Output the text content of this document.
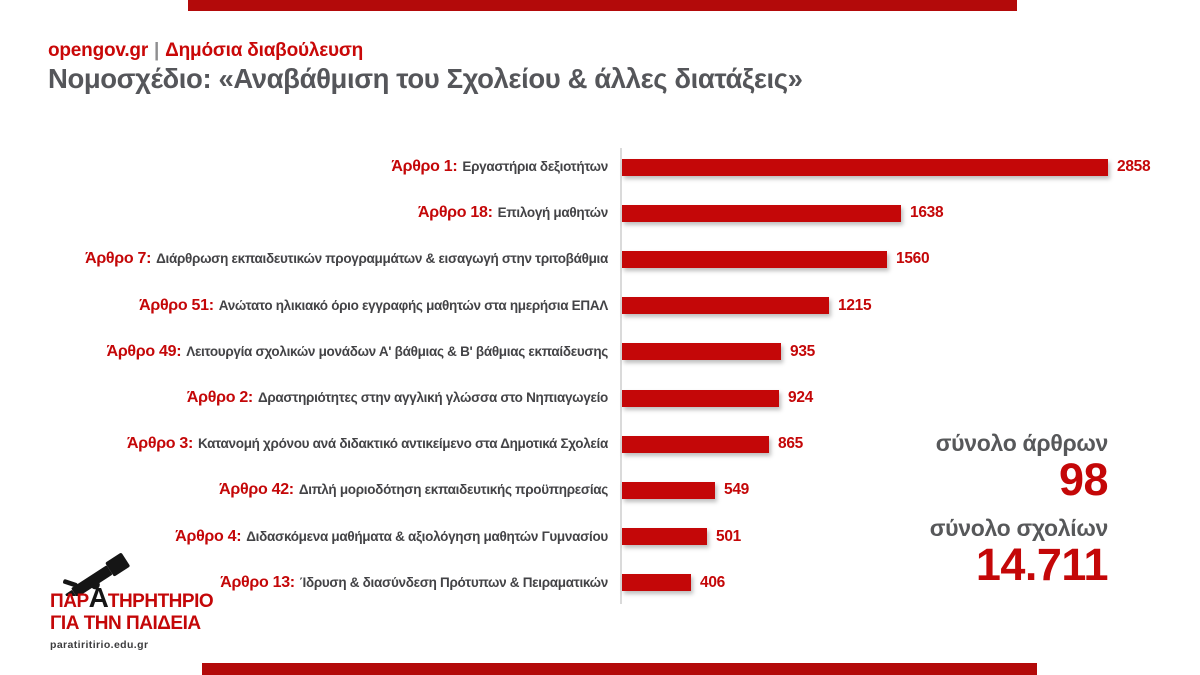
opengov.gr | Δημόσια διαβούλευση
Νομοσχέδιο: «Αναβάθμιση του Σχολείου & άλλες διατάξεις»
Άρθρο 1: Εργαστήρια δεξιοτήτων	2858
Άρθρο 18: Επιλογή μαθητών	1638
Άρθρο 7: Διάρθρωση εκπαιδευτικών προγραμμάτων & εισαγωγή στην τριτοβάθμια	1560
Άρθρο 51: Ανώτατο ηλικιακό όριο εγγραφής μαθητών στα ημερήσια ΕΠΑΛ	1215
Άρθρο 49: Λειτουργία σχολικών μονάδων Α' βάθμιας & Β' βάθμιας εκπαίδευσης	935
Άρθρο 2: Δραστηριότητες στην αγγλική γλώσσα στο Νηπιαγωγείο	924
Άρθρο 3: Κατανομή χρόνου ανά διδακτικό αντικείμενο στα Δημοτικά Σχολεία	865
Άρθρο 42: Διπλή μοριοδότηση εκπαιδευτικής προϋπηρεσίας	549
Άρθρο 4: Διδασκόμενα μαθήματα & αξιολόγηση μαθητών Γυμνασίου	501
Άρθρο 13: Ίδρυση & διασύνδεση Πρότυπων & Πειραματικών	406
σύνολο άρθρων
98
σύνολο σχολίων
14.711
ΠΑΡΑΤΗΡΗΤΗΡΙΟ
ΓΙΑ ΤΗΝ ΠΑΙΔΕΙΑ
paratiritirio.edu.gr
